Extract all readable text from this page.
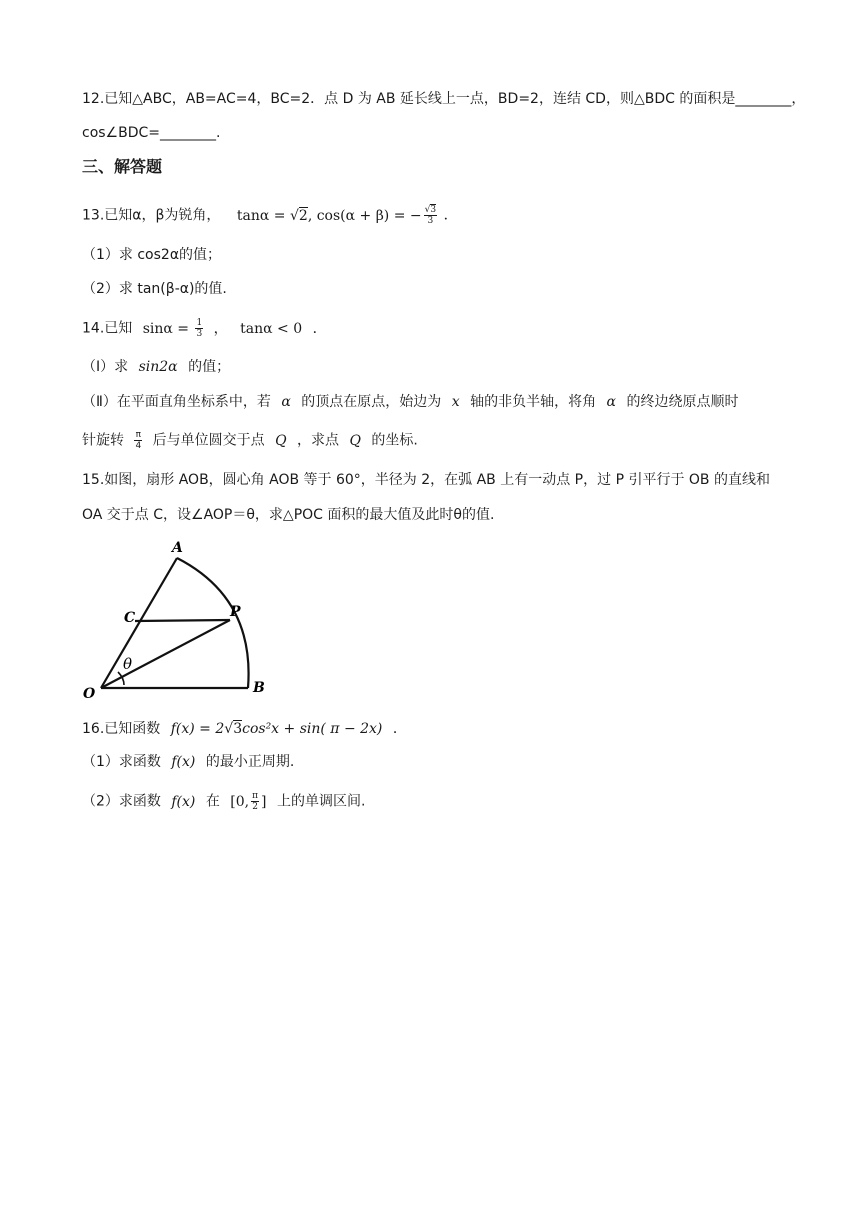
12.已知△ABC，AB=AC=4，BC=2．点 D 为 AB 延长线上一点，BD=2，连结 CD，则△BDC 的面积是________，
cos∠BDC=________.
三、解答题
13.已知α，β为锐角， tanα = √2, cos(α + β) = − $\frac{√3}{3}$ ．
（1）求 cos2α的值；
（2）求 tan(β-α)的值.
14.已知 $\sin\alpha = \frac{1}{3}$ ， tanα < 0 ．
（Ⅰ）求 sin2α 的值；
（Ⅱ）在平面直角坐标系中，若 α 的顶点在原点，始边为 x 轴的非负半轴，将角 α 的终边绕原点顺时
针旋转 $\frac{\pi}{4}$ 后与单位圆交于点 Q ，求点 Q 的坐标.
15.如图，扇形 AOB，圆心角 AOB 等于 60°，半径为 2，在弧 AB 上有一动点 P，过 P 引平行于 OB 的直线和
OA 交于点 C，设∠AOP＝θ，求△POC 面积的最大值及此时θ的值.
A
B
C	P
O
θ
16.已知函数 f(x) = 2√3cos²x + sin( π − 2x) ．
（1）求函数 f(x) 的最小正周期.
（2）求函数 f(x) 在 [0, $\frac{\pi}{2}$ ] 上的单调区间.
